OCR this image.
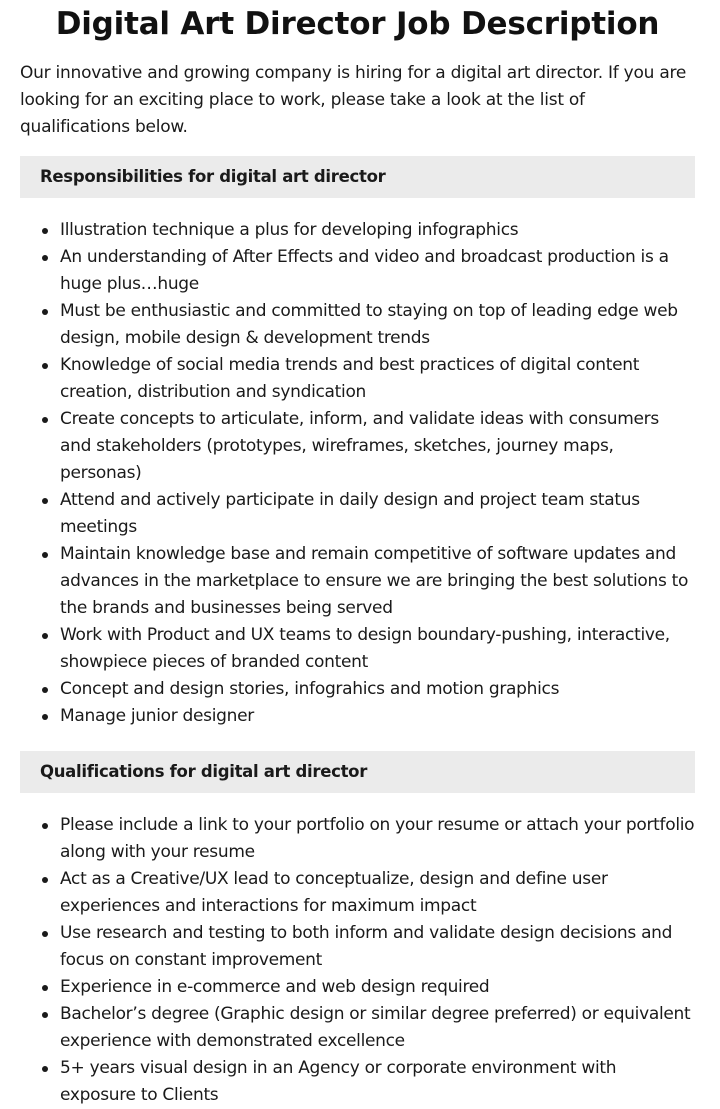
Digital Art Director Job Description

Our innovative and growing company is hiring for a digital art director. If you are looking for an exciting place to work, please take a look at the list of qualifications below.

Responsibilities for digital art director
Illustration technique a plus for developing infographics
An understanding of After Effects and video and broadcast production is a huge plus…huge
Must be enthusiastic and committed to staying on top of leading edge web design, mobile design & development trends
Knowledge of social media trends and best practices of digital content creation, distribution and syndication
Create concepts to articulate, inform, and validate ideas with consumers and stakeholders (prototypes, wireframes, sketches, journey maps, personas)
Attend and actively participate in daily design and project team status meetings
Maintain knowledge base and remain competitive of software updates and advances in the marketplace to ensure we are bringing the best solutions to the brands and businesses being served
Work with Product and UX teams to design boundary-pushing, interactive, showpiece pieces of branded content
Concept and design stories, infograhics and motion graphics
Manage junior designer
Qualifications for digital art director
Please include a link to your portfolio on your resume or attach your portfolio along with your resume
Act as a Creative/UX lead to conceptualize, design and define user experiences and interactions for maximum impact
Use research and testing to both inform and validate design decisions and focus on constant improvement
Experience in e-commerce and web design required
Bachelor’s degree (Graphic design or similar degree preferred) or equivalent experience with demonstrated excellence
5+ years visual design in an Agency or corporate environment with exposure to Clients
